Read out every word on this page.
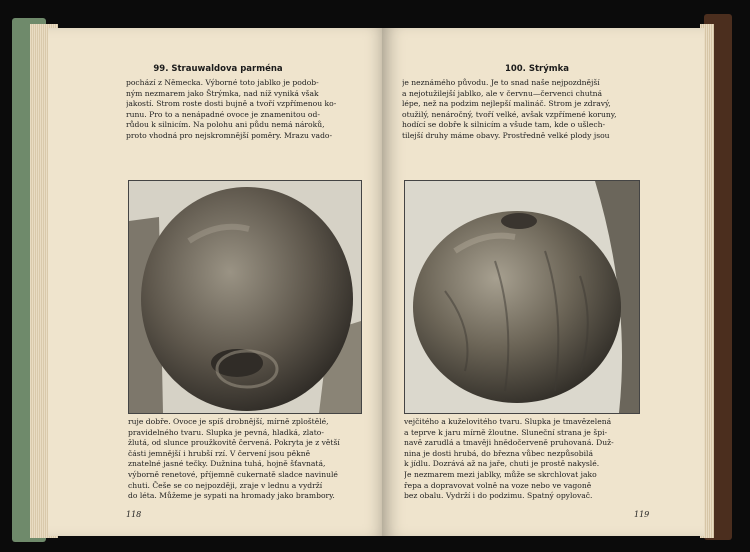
99. Strauwaldova parména

pochází z Německa. Výborné toto jablko je podob-

ným nezmarem jako Štrýmka, nad níž vyniká však

jakostí. Strom roste dosti bujně a tvoří vzpřímenou ko-

runu. Pro to a nenápadné ovoce je znamenitou od-

růdou k silnicím. Na polohu ani půdu nemá nároků,

proto vhodná pro nejskromnější poměry. Mrazu vado-

ruje dobře. Ovoce je spíš drobnější, mírně zploštělé,

pravidelného tvaru. Slupka je pevná, hladká, zlato-

žlutá, od slunce proužkovitě červená. Pokryta je z větší

části jemnější i hrubší rzí. V červení jsou pěkně

znatelné jasné tečky. Dužnina tuhá, hojně šťavnatá,

výborně renetové, příjemně cukernatě sladce navinulé

chuti. Češe se co nejpozději, zraje v lednu a vydrží

do léta. Můžeme je sypati na hromady jako brambory.

118
100. Strýmka

je neznámého původu. Je to snad naše nejpozdnější

a nejotužilejší jablko, ale v červnu—červenci chutná

lépe, než na podzim nejlepší malináč. Strom je zdravý,

otužilý, nenáročný, tvoří velké, avšak vzpřímené koruny,

hodící se dobře k silnicím a všude tam, kde o ušlech-

tilejší druhy máme obavy. Prostředně velké plody jsou

vejčitého a kuželovitého tvaru. Slupka je tmavězelená

a teprve k jaru mírně žloutne. Sluneční strana je špi-

navě zarudlá a tmavěji hnědočerveně pruhovaná. Duž-

nina je dosti hrubá, do března vůbec nezpůsobilá

k jídlu. Dozrává až na jaře, chuti je prostě nakyslé.

Je nezmarem mezi jablky, může se skrchlovat jako

řepa a dopravovat volně na voze nebo ve vagoně

bez obalu. Vydrží i do podzimu. Spatný opylovač.

119
